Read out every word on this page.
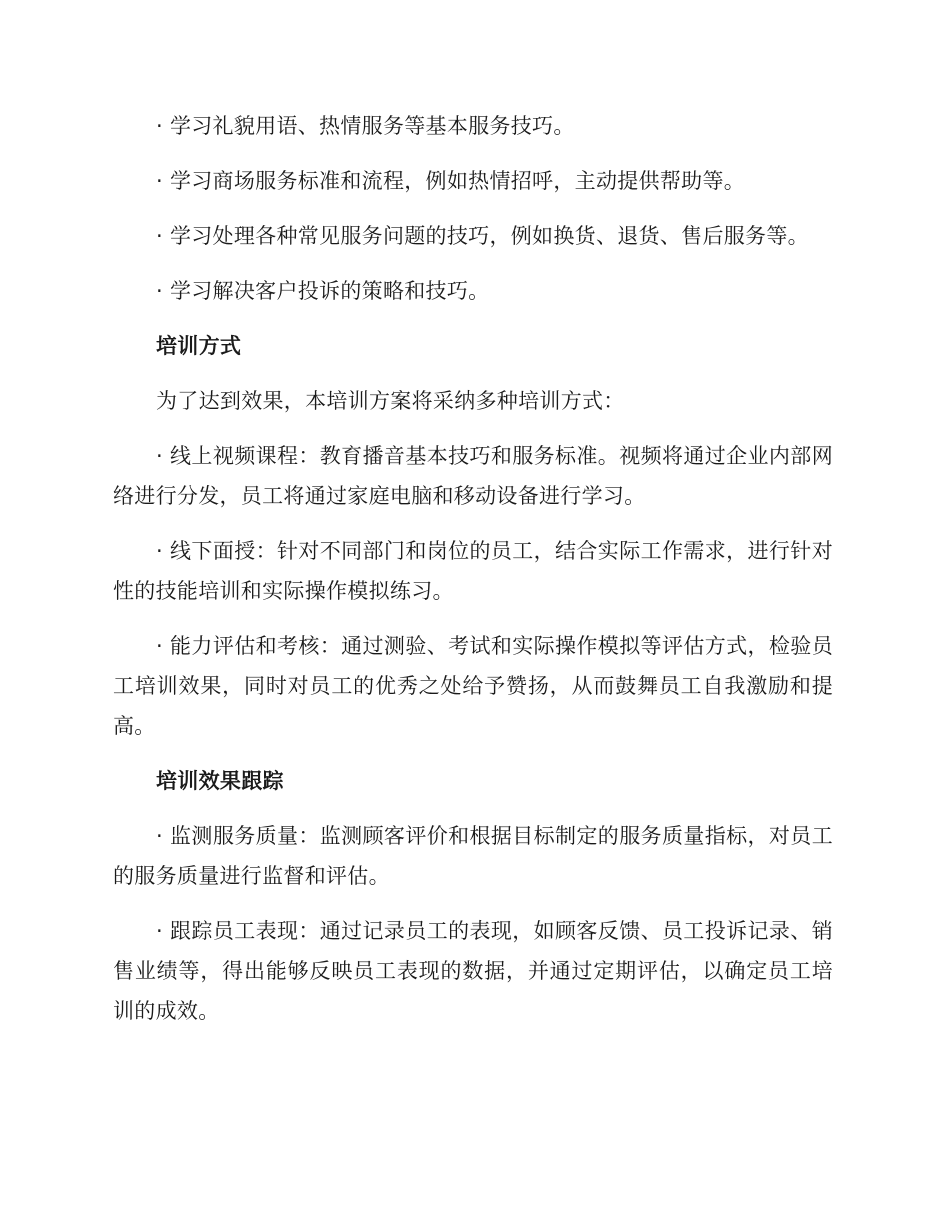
· 学习礼貌用语、热情服务等基本服务技巧。

· 学习商场服务标准和流程，例如热情招呼，主动提供帮助等。

· 学习处理各种常见服务问题的技巧，例如换货、退货、售后服务等。

· 学习解决客户投诉的策略和技巧。

培训方式

为了达到效果，本培训方案将采纳多种培训方式：

· 线上视频课程：教育播音基本技巧和服务标准。视频将通过企业内部网络进行分发，员工将通过家庭电脑和移动设备进行学习。

· 线下面授：针对不同部门和岗位的员工，结合实际工作需求，进行针对性的技能培训和实际操作模拟练习。

· 能力评估和考核：通过测验、考试和实际操作模拟等评估方式，检验员工培训效果，同时对员工的优秀之处给予赞扬，从而鼓舞员工自我激励和提高。

培训效果跟踪

· 监测服务质量：监测顾客评价和根据目标制定的服务质量指标，对员工的服务质量进行监督和评估。

· 跟踪员工表现：通过记录员工的表现，如顾客反馈、员工投诉记录、销售业绩等，得出能够反映员工表现的数据，并通过定期评估，以确定员工培训的成效。
